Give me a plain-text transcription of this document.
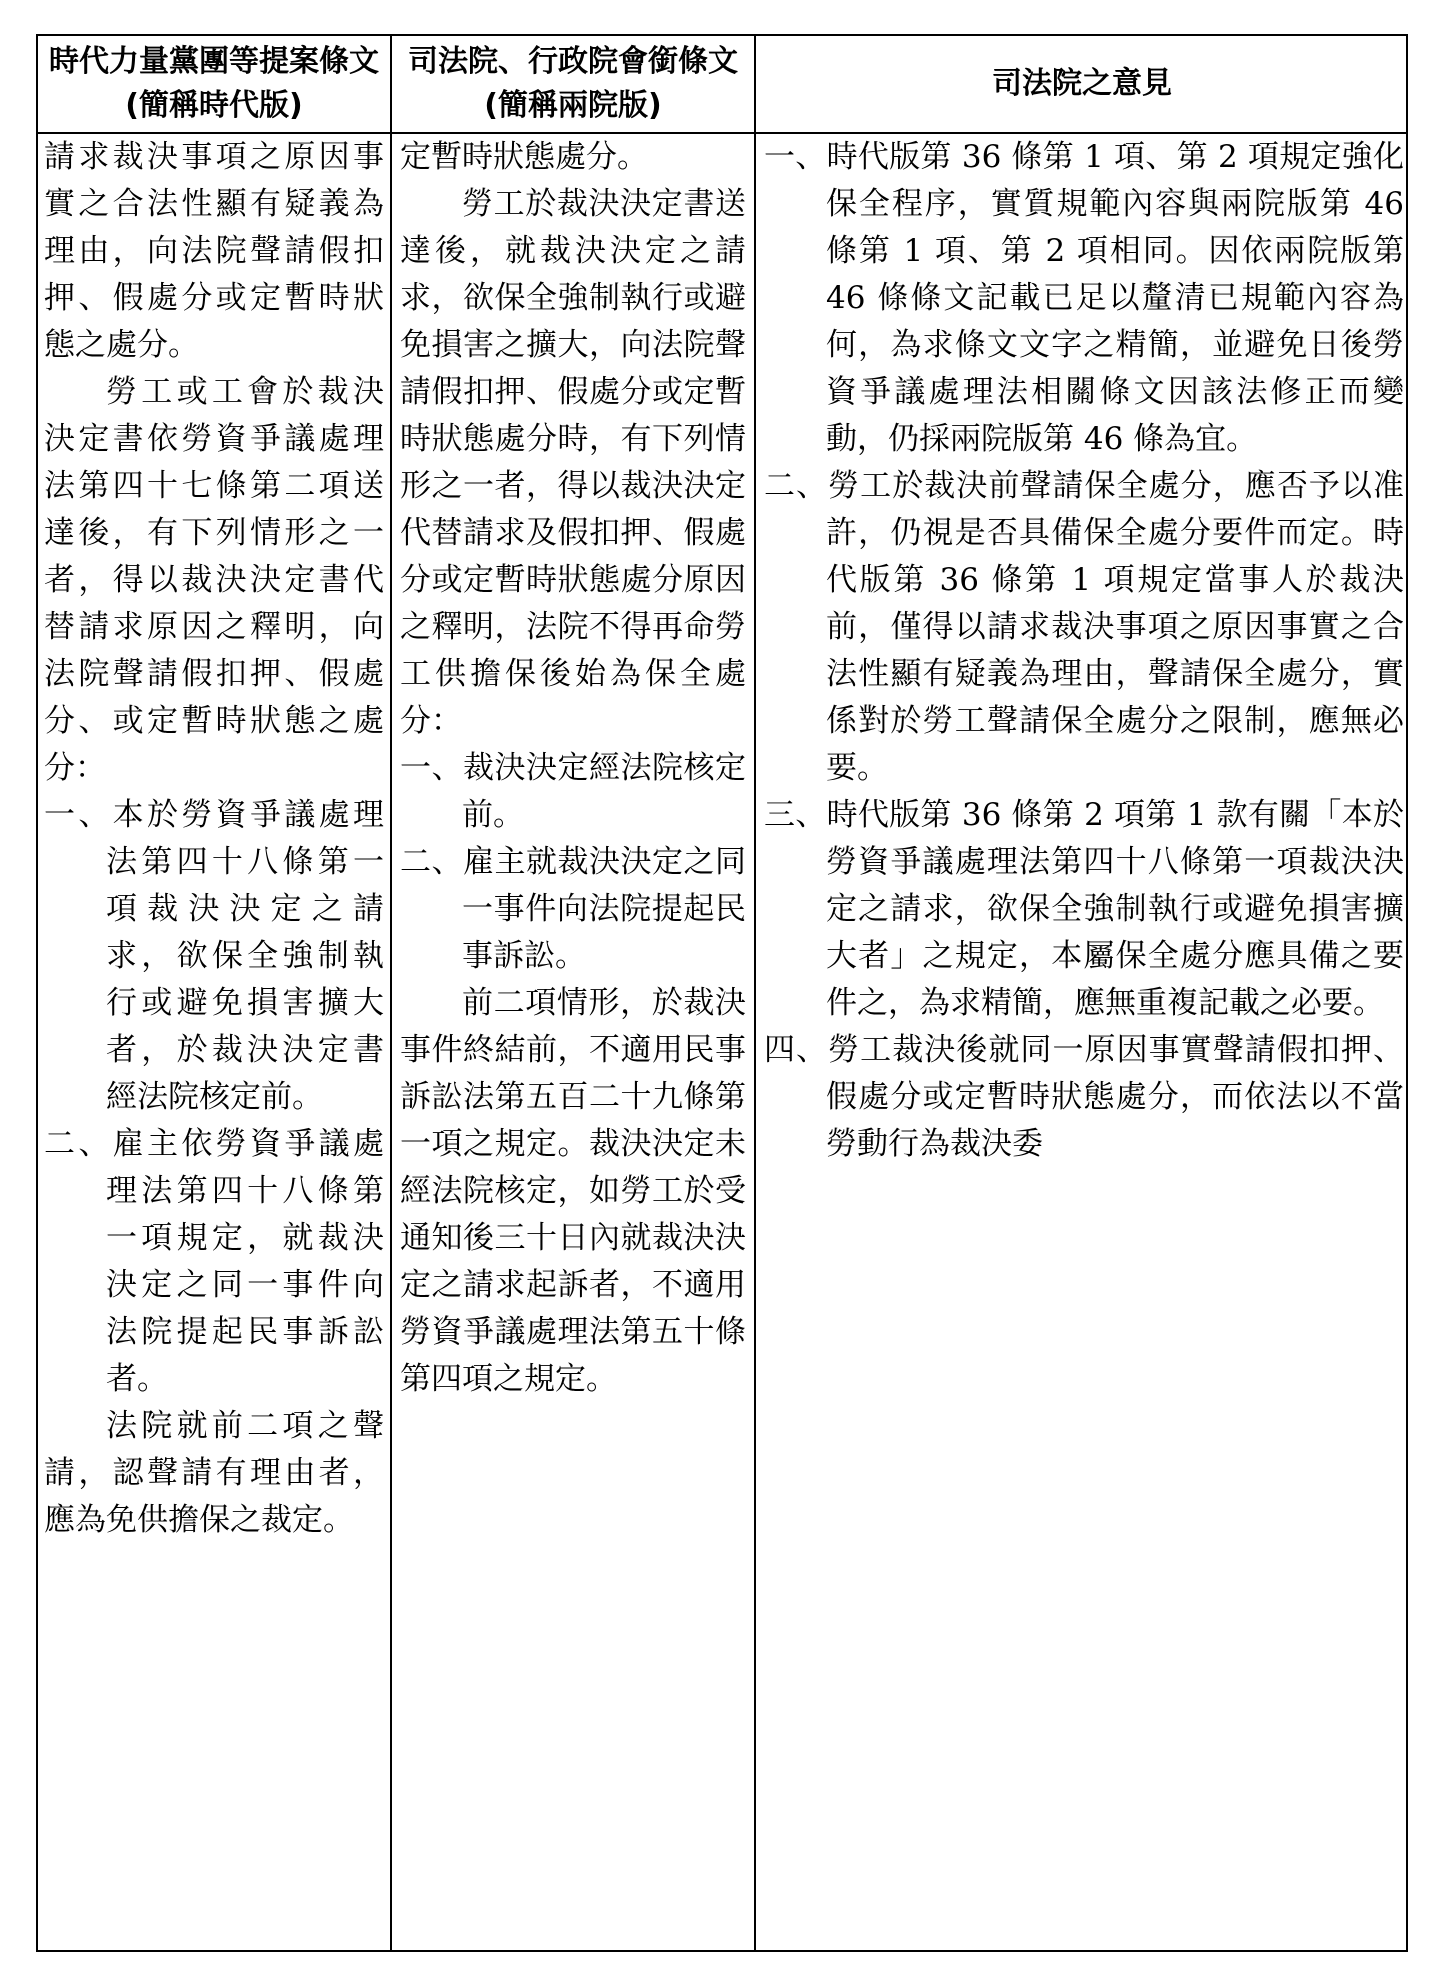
時代力量黨團等提案條文
(簡稱時代版)
司法院、行政院會銜條文
(簡稱兩院版)
司法院之意見

請求裁決事項之原因事實之合法性顯有疑義為理由，向法院聲請假扣押、假處分或定暫時狀態之處分。

勞工或工會於裁決決定書依勞資爭議處理法第四十七條第二項送達後，有下列情形之一者，得以裁決決定書代替請求原因之釋明，向法院聲請假扣押、假處分、或定暫時狀態之處分：

一、本於勞資爭議處理法第四十八條第一項裁決決定之請求，欲保全強制執行或避免損害擴大者，於裁決決定書經法院核定前。

二、雇主依勞資爭議處理法第四十八條第一項規定，就裁決決定之同一事件向法院提起民事訴訟者。

法院就前二項之聲請，認聲請有理由者，應為免供擔保之裁定。

定暫時狀態處分。

勞工於裁決決定書送達後，就裁決決定之請求，欲保全強制執行或避免損害之擴大，向法院聲請假扣押、假處分或定暫時狀態處分時，有下列情形之一者，得以裁決決定代替請求及假扣押、假處分或定暫時狀態處分原因之釋明，法院不得再命勞工供擔保後始為保全處分：

一、裁決決定經法院核定前。

二、雇主就裁決決定之同一事件向法院提起民事訴訟。

前二項情形，於裁決事件終結前，不適用民事訴訟法第五百二十九條第一項之規定。裁決決定未經法院核定，如勞工於受通知後三十日內就裁決決定之請求起訴者，不適用勞資爭議處理法第五十條第四項之規定。

一、時代版第 36 條第 1 項、第 2 項規定強化保全程序，實質規範內容與兩院版第 46 條第 1 項、第 2 項相同。因依兩院版第 46 條條文記載已足以釐清已規範內容為何，為求條文文字之精簡，並避免日後勞資爭議處理法相關條文因該法修正而變動，仍採兩院版第 46 條為宜。

二、勞工於裁決前聲請保全處分，應否予以准許，仍視是否具備保全處分要件而定。時代版第 36 條第 1 項規定當事人於裁決前，僅得以請求裁決事項之原因事實之合法性顯有疑義為理由，聲請保全處分，實係對於勞工聲請保全處分之限制，應無必要。

三、時代版第 36 條第 2 項第 1 款有關「本於勞資爭議處理法第四十八條第一項裁決決定之請求，欲保全強制執行或避免損害擴大者」之規定，本屬保全處分應具備之要件之，為求精簡，應無重複記載之必要。

四、勞工裁決後就同一原因事實聲請假扣押、假處分或定暫時狀態處分，而依法以不當勞動行為裁決委
